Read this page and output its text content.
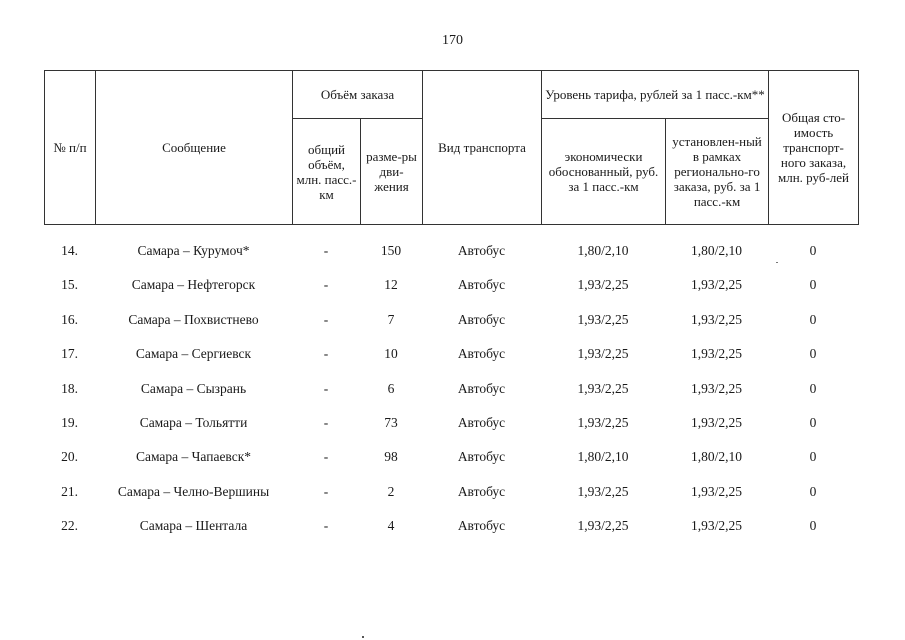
170
№ п/п	Сообщение	Объём заказа		Вид транспорта	Уровень тарифа, рублей за 1 пасс.-км**		Общая сто-имость транспорт-ного заказа, млн. руб-лей
		общий объём, млн. пасс.-км	разме-ры дви-жения		экономически обоснованный, руб. за 1 пасс.-км	установлен-ный в рамках регионально-го заказа, руб. за 1 пасс.-км	
14.	Самара – Курумоч*	-	150	Автобус	1,80/2,10	1,80/2,10	0
15.	Самара – Нефтегорск	-	12	Автобус	1,93/2,25	1,93/2,25	0
16.	Самара – Похвистнево	-	7	Автобус	1,93/2,25	1,93/2,25	0
17.	Самара – Сергиевск	-	10	Автобус	1,93/2,25	1,93/2,25	0
18.	Самара – Сызрань	-	6	Автобус	1,93/2,25	1,93/2,25	0
19.	Самара – Тольятти	-	73	Автобус	1,93/2,25	1,93/2,25	0
20.	Самара – Чапаевск*	-	98	Автобус	1,80/2,10	1,80/2,10	0
21.	Самара – Челно-Вершины	-	2	Автобус	1,93/2,25	1,93/2,25	0
22.	Самара – Шентала	-	4	Автобус	1,93/2,25	1,93/2,25	0
